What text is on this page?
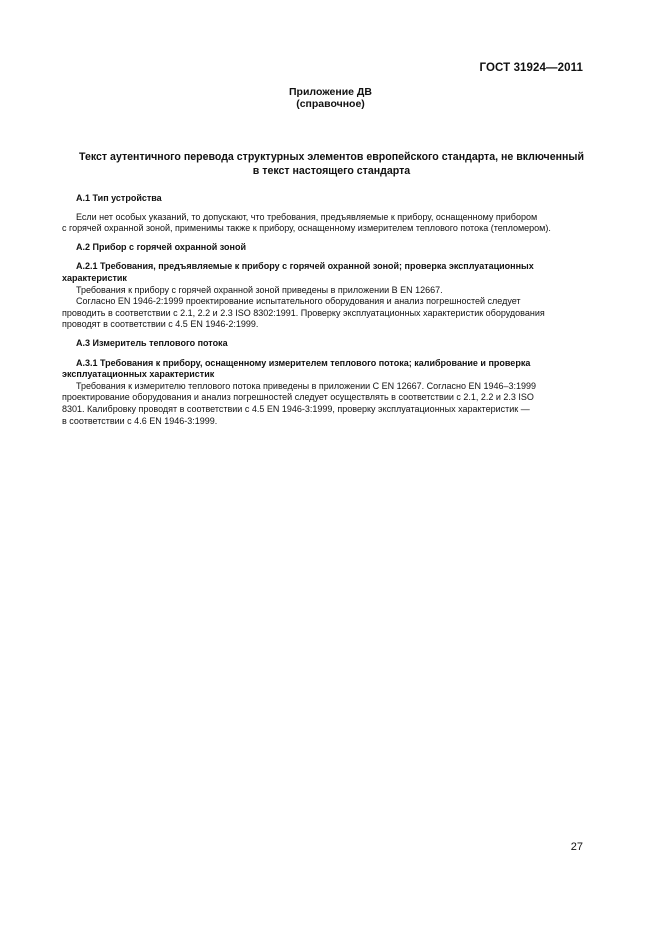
ГОСТ 31924—2011
Приложение ДВ
(справочное)
Текст аутентичного перевода структурных элементов европейского стандарта, не включенный
в текст настоящего стандарта
А.1 Тип устройства
Если нет особых указаний, то допускают, что требования, предъявляемые к прибору, оснащенному прибором
с горячей охранной зоной, применимы также к прибору, оснащенному измерителем теплового потока (тепломером).
А.2 Прибор с горячей охранной зоной
А.2.1 Требования, предъявляемые к прибору с горячей охранной зоной; проверка эксплуатационных
характеристик
Требования к прибору с горячей охранной зоной приведены в приложении В EN 12667.
Согласно EN 1946-2:1999 проектирование испытательного оборудования и анализ погрешностей следует
проводить в соответствии с 2.1, 2.2 и 2.3 ISO 8302:1991. Проверку эксплуатационных характеристик оборудования
проводят в соответствии с 4.5 EN 1946-2:1999.
А.3 Измеритель теплового потока
А.3.1 Требования к прибору, оснащенному измерителем теплового потока; калибрование и проверка
эксплуатационных характеристик
Требования к измерителю теплового потока приведены в приложении С EN 12667. Согласно EN 1946–3:1999
проектирование оборудования и анализ погрешностей следует осуществлять в соответствии с 2.1, 2.2 и 2.3 ISO
8301. Калибровку проводят в соответствии с 4.5 EN 1946-3:1999, проверку эксплуатационных характеристик —
в соответствии с 4.6 EN 1946-3:1999.
27
